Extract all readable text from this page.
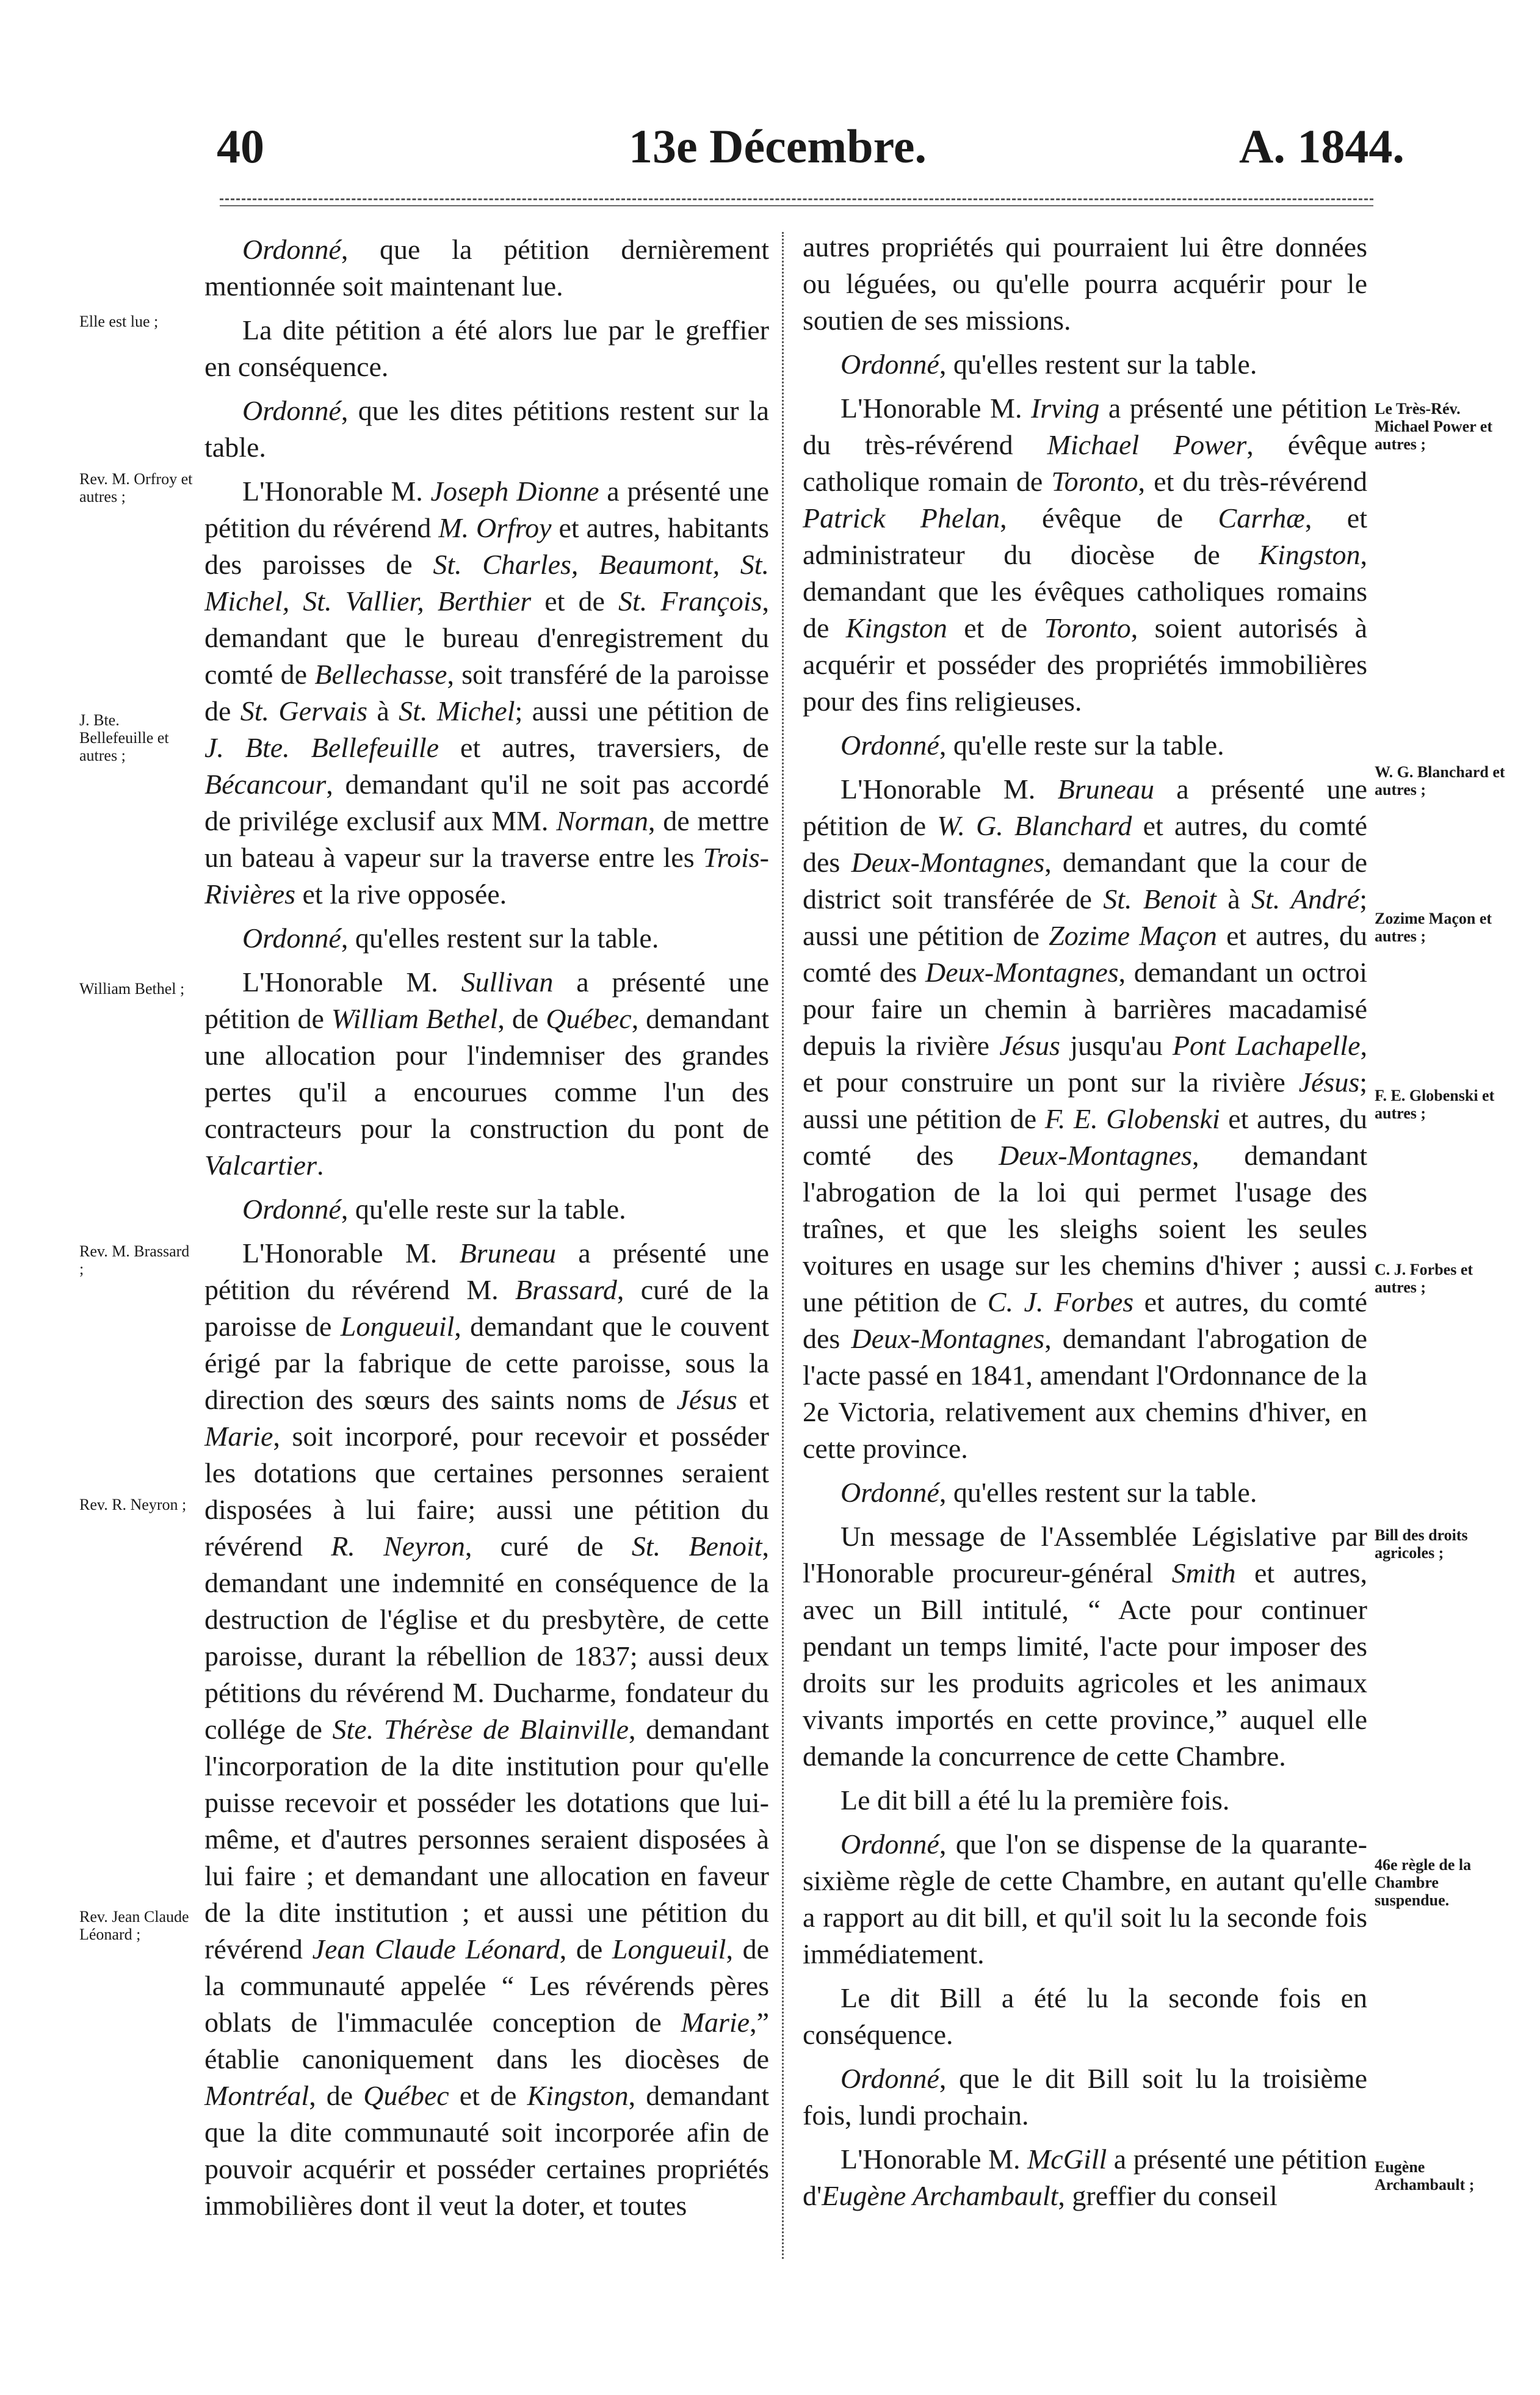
40	13e Décembre.	A. 1844.
Elle est lue ;
Rev. M. Orfroy et autres ;
J. Bte. Bellefeuille et autres ;
William Bethel ;
Rev. M. Brassard ;
Rev. R. Neyron ;
Rev. Jean Claude Léonard ;
Le Très-Rév. Michael Power et autres ;
W. G. Blanchard et autres ;
Zozime Maçon et autres ;
F. E. Globenski et autres ;
C. J. Forbes et autres ;
Bill des droits agricoles ;
46e règle de la Chambre suspendue.
Eugène Archambault ;

Ordonné, que la pétition dernièrement mentionnée soit maintenant lue.

La dite pétition a été alors lue par le greffier en conséquence.

Ordonné, que les dites pétitions restent sur la table.

L'Honorable M. Joseph Dionne a présenté une pétition du révérend M. Orfroy et autres, habitants des paroisses de St. Charles, Beaumont, St. Michel, St. Vallier, Berthier et de St. François, demandant que le bureau d'enregistrement du comté de Bellechasse, soit transféré de la paroisse de St. Gervais à St. Michel; aussi une pétition de J. Bte. Bellefeuille et autres, traversiers, de Bécancour, demandant qu'il ne soit pas accordé de privilége exclusif aux MM. Norman, de mettre un bateau à vapeur sur la traverse entre les Trois-Rivières et la rive opposée.

Ordonné, qu'elles restent sur la table.

L'Honorable M. Sullivan a présenté une pétition de William Bethel, de Québec, demandant une allocation pour l'indemniser des grandes pertes qu'il a encourues comme l'un des contracteurs pour la construction du pont de Valcartier.

Ordonné, qu'elle reste sur la table.

L'Honorable M. Bruneau a présenté une pétition du révérend M. Brassard, curé de la paroisse de Longueuil, demandant que le couvent érigé par la fabrique de cette paroisse, sous la direction des sœurs des saints noms de Jésus et Marie, soit incorporé, pour recevoir et posséder les dotations que certaines personnes seraient disposées à lui faire; aussi une pétition du révérend R. Neyron, curé de St. Benoit, demandant une indemnité en conséquence de la destruction de l'église et du presbytère, de cette paroisse, durant la rébellion de 1837; aussi deux pétitions du révérend M. Ducharme, fondateur du collége de Ste. Thérèse de Blainville, demandant l'incorporation de la dite institution pour qu'elle puisse recevoir et posséder les dotations que lui-même, et d'autres personnes seraient disposées à lui faire ; et demandant une allocation en faveur de la dite institution ; et aussi une pétition du révérend Jean Claude Léonard, de Longueuil, de la communauté appelée “ Les révérends pères oblats de l'immaculée conception de Marie,” établie canoniquement dans les diocèses de Montréal, de Québec et de Kingston, demandant que la dite communauté soit incorporée afin de pouvoir acquérir et posséder certaines propriétés immobilières dont il veut la doter, et toutes

autres propriétés qui pourraient lui être données ou léguées, ou qu'elle pourra acquérir pour le soutien de ses missions.

Ordonné, qu'elles restent sur la table.

L'Honorable M. Irving a présenté une pétition du très-révérend Michael Power, évêque catholique romain de Toronto, et du très-révérend Patrick Phelan, évêque de Carrhæ, et administrateur du diocèse de Kingston, demandant que les évêques catholiques romains de Kingston et de Toronto, soient autorisés à acquérir et posséder des propriétés immobilières pour des fins religieuses.

Ordonné, qu'elle reste sur la table.

L'Honorable M. Bruneau a présenté une pétition de W. G. Blanchard et autres, du comté des Deux-Montagnes, demandant que la cour de district soit transférée de St. Benoit à St. André; aussi une pétition de Zozime Maçon et autres, du comté des Deux-Montagnes, demandant un octroi pour faire un chemin à barrières macadamisé depuis la rivière Jésus jusqu'au Pont Lachapelle, et pour construire un pont sur la rivière Jésus; aussi une pétition de F. E. Globenski et autres, du comté des Deux-Montagnes, demandant l'abrogation de la loi qui permet l'usage des traînes, et que les sleighs soient les seules voitures en usage sur les chemins d'hiver ; aussi une pétition de C. J. Forbes et autres, du comté des Deux-Montagnes, demandant l'abrogation de l'acte passé en 1841, amendant l'Ordonnance de la 2e Victoria, relativement aux chemins d'hiver, en cette province.

Ordonné, qu'elles restent sur la table.

Un message de l'Assemblée Législative par l'Honorable procureur-général Smith et autres, avec un Bill intitulé, “ Acte pour continuer pendant un temps limité, l'acte pour imposer des droits sur les produits agricoles et les animaux vivants importés en cette province,” auquel elle demande la concurrence de cette Chambre.

Le dit bill a été lu la première fois.

Ordonné, que l'on se dispense de la quarante-sixième règle de cette Chambre, en autant qu'elle a rapport au dit bill, et qu'il soit lu la seconde fois immédiatement.

Le dit Bill a été lu la seconde fois en conséquence.

Ordonné, que le dit Bill soit lu la troisième fois, lundi prochain.

L'Honorable M. McGill a présenté une pétition d'Eugène Archambault, greffier du conseil
